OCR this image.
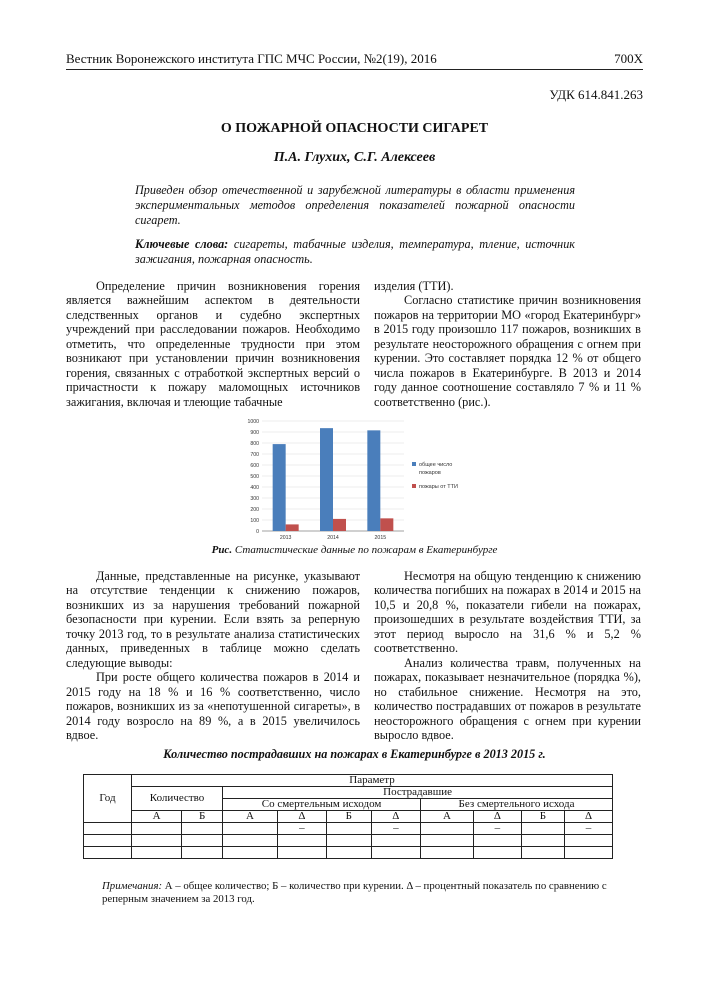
Вестник Воронежского института ГПС МЧС России, №2(19), 2016	700X
УДК 614.841.263
О ПОЖАРНОЙ ОПАСНОСТИ СИГАРЕТ
П.А. Глухих, С.Г. Алексеев
Приведен обзор отечественной и зарубежной литературы в области применения экспериментальных методов определения показателей пожарной опасности сигарет.
Ключевые слова: сигареты, табачные изделия, температура, тление, источник зажигания, пожарная опасность.

Определение причин возникновения горения является важнейшим аспектом в деятельности следственных органов и судебно экспертных учреждений при расследовании пожаров. Необходимо отметить, что определенные трудности при этом возникают при установлении причин возникновения горения, связанных с отработкой экспертных версий о причастности к пожару маломощных источников зажигания, включая и тлеющие табачные

изделия (ТТИ).

Согласно статистике причин возникновения пожаров на территории МО «город Екатеринбург» в 2015 году произошло 117 пожаров, возникших в результате неосторожного обращения с огнем при курении. Это составляет порядка 12 % от общего числа пожаров в Екатеринбурге. В 2013 и 2014 году данное соотношение составляло 7 % и 11 % соответственно (рис.).

0
100
200
300
400
500
600
700
800
900
1000
2013	2014	2015
общее число
пожаров
пожары от ТТИ
Рис. Статистические данные по пожарам в Екатеринбурге

Данные, представленные на рисунке, указывают на отсутствие тенденции к снижению пожаров, возникших из за нарушения требований пожарной безопасности при курении. Если взять за реперную точку 2013 год, то в результате анализа статистических данных, приведенных в таблице можно сделать следующие выводы:

При росте общего количества пожаров в 2014 и 2015 году на 18 % и 16 % соответственно, число пожаров, возникших из за «непотушенной сигареты», в 2014 году возросло на 89 %, а в 2015 увеличилось вдвое.

Несмотря на общую тенденцию к снижению количества погибших на пожарах в 2014 и 2015 на 10,5 и 20,8 %, показатели гибели на пожарах, произошедших в результате воздействия ТТИ, за этот период выросло на 31,6 % и 5,2 % соответственно.

Анализ количества травм, полученных на пожарах, показывает незначительное (порядка %), но стабильное снижение. Несмотря на это, количество пострадавших от пожаров в результате неосторожного обращения с огнем при курении выросло вдвое.

Количество пострадавших на пожарах в Екатеринбурге в 2013 2015 г.
Год	Параметр									
	Количество		Пострадавшие							
			Со смертельным исходом				Без смертельного исхода			
	А	Б	А	Δ	Б	Δ	А	Δ	Б	Δ
				–		–		–		–

Примечания: А – общее количество; Б – количество при курении. Δ – процентный показатель по сравнению с реперным значением за 2013 год.
